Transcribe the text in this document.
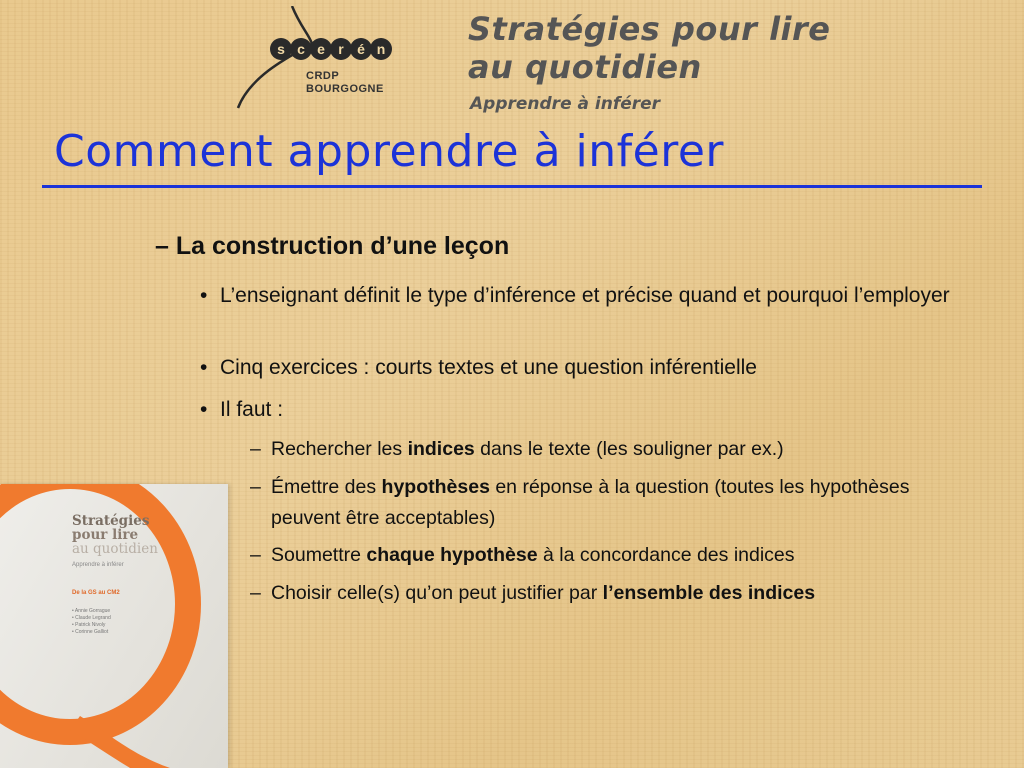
s c e r é n
CRDP
BOURGOGNE
Stratégies pour lire
au quotidien
Apprendre à inférer
Comment apprendre à inférer
– La construction d’une leçon
• L’enseignant définit le type d’inférence et précise quand et pourquoi l’employer
• Cinq exercices : courts textes et une question inférentielle
• Il faut :
– Rechercher les indices dans le texte (les souligner par ex.)
– Émettre des hypothèses en réponse à la question (toutes les hypothèses peuvent être acceptables)
– Soumettre chaque hypothèse à la concordance des indices
– Choisir celle(s) qu’on peut justifier par l’ensemble des indices
Stratégies
pour lire
au quotidien
Apprendre à inférer
De la GS au CM2
• Annie Gorrague
• Claude Legrand
• Patrick Nivoly
• Corinne Galliot
